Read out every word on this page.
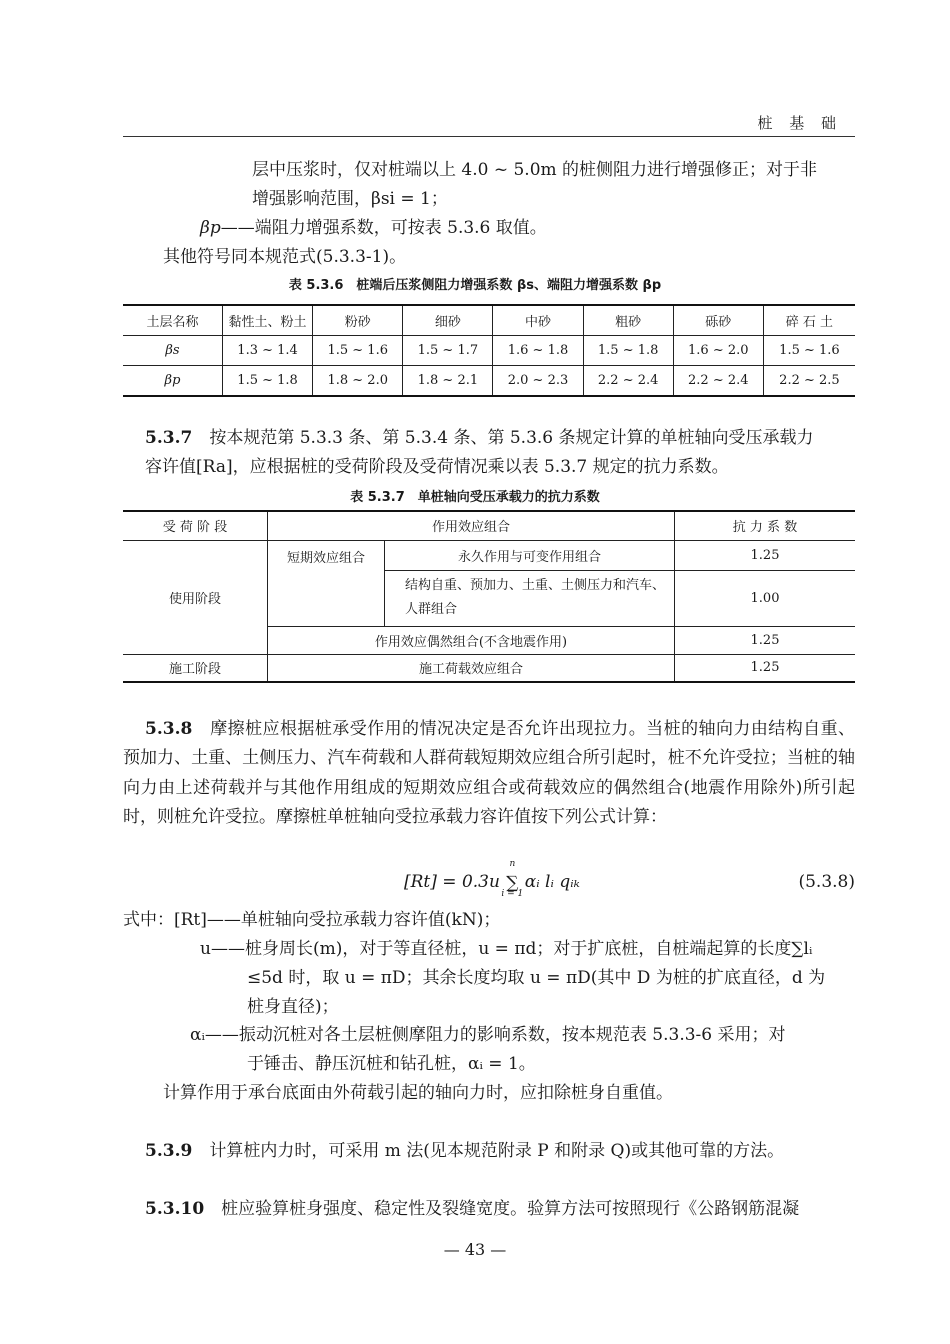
桩 基 础
层中压浆时，仅对桩端以上 4.0 ~ 5.0m 的桩侧阻力进行增强修正；对于非
增强影响范围，βsi = 1；
βp——端阻力增强系数，可按表 5.3.6 取值。
其他符号同本规范式(5.3.3-1)。
表 5.3.6　桩端后压浆侧阻力增强系数 βs、端阻力增强系数 βp
土层名称	黏性土、粉土	粉砂	细砂	中砂	粗砂	砾砂	碎 石 土
βs	1.3 ~ 1.4	1.5 ~ 1.6	1.5 ~ 1.7	1.6 ~ 1.8	1.5 ~ 1.8	1.6 ~ 2.0	1.5 ~ 1.6
βp	1.5 ~ 1.8	1.8 ~ 2.0	1.8 ~ 2.1	2.0 ~ 2.3	2.2 ~ 2.4	2.2 ~ 2.4	2.2 ~ 2.5
5.3.7　 按本规范第 5.3.3 条、第 5.3.4 条、第 5.3.6 条规定计算的单桩轴向受压承载力
容许值[Ra]，应根据桩的受荷阶段及受荷情况乘以表 5.3.7 规定的抗力系数。
表 5.3.7　单桩轴向受压承载力的抗力系数
受 荷 阶 段	作用效应组合		抗 力 系 数
使用阶段	短期效应组合	永久作用与可变作用组合	1.25
		结构自重、预加力、土重、土侧压力和汽车、人群组合	1.00
	作用效应偶然组合(不含地震作用)		1.25
施工阶段	施工荷载效应组合		1.25
5.3.8　 摩擦桩应根据桩承受作用的情况决定是否允许出现拉力。当桩的轴向力由结构自重、预加力、土重、土侧压力、汽车荷载和人群荷载短期效应组合所引起时，桩不允许受拉；当桩的轴向力由上述荷载并与其他作用组成的短期效应组合或荷载效应的偶然组合(地震作用除外)所引起时，则桩允许受拉。摩擦桩单桩轴向受拉承载力容许值按下列公式计算：
[Rt] = 0.3u ∑
n
i = 1
αᵢ lᵢ qᵢₖ	(5.3.8)
式中：[Rt]——单桩轴向受拉承载力容许值(kN)；
u——桩身周长(m)，对于等直径桩，u = πd；对于扩底桩，自桩端起算的长度∑lᵢ
≤5d 时，取 u = πD；其余长度均取 u = πD(其中 D 为桩的扩底直径，d 为
桩身直径)；
αᵢ——振动沉桩对各土层桩侧摩阻力的影响系数，按本规范表 5.3.3-6 采用；对
于锤击、静压沉桩和钻孔桩，αᵢ = 1。
计算作用于承台底面由外荷载引起的轴向力时，应扣除桩身自重值。
5.3.9　 计算桩内力时，可采用 m 法(见本规范附录 P 和附录 Q)或其他可靠的方法。
5.3.10　 桩应验算桩身强度、稳定性及裂缝宽度。验算方法可按照现行《公路钢筋混凝
— 43 —
